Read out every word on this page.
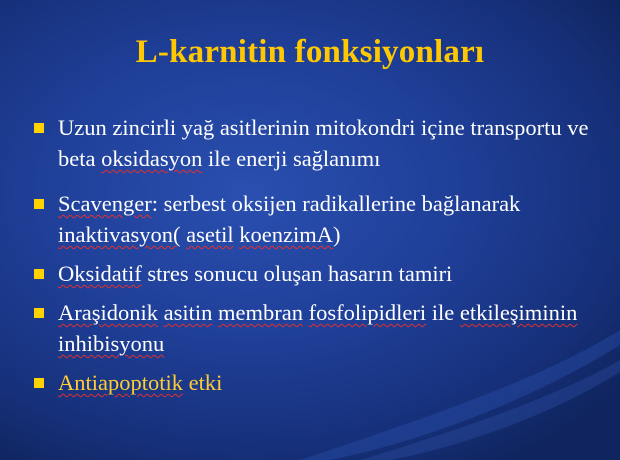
L-karnitin fonksiyonları
Uzun zincirli yağ asitlerinin mitokondri içine transportu ve beta oksidasyon ile enerji sağlanımı
Scavenger: serbest oksijen radikallerine bağlanarak inaktivasyon( asetil koenzimA)
Oksidatif stres sonucu oluşan hasarın tamiri
Araşidonik asitin membran fosfolipidleri ile etkileşiminin inhibisyonu
Antiapoptotik etki
